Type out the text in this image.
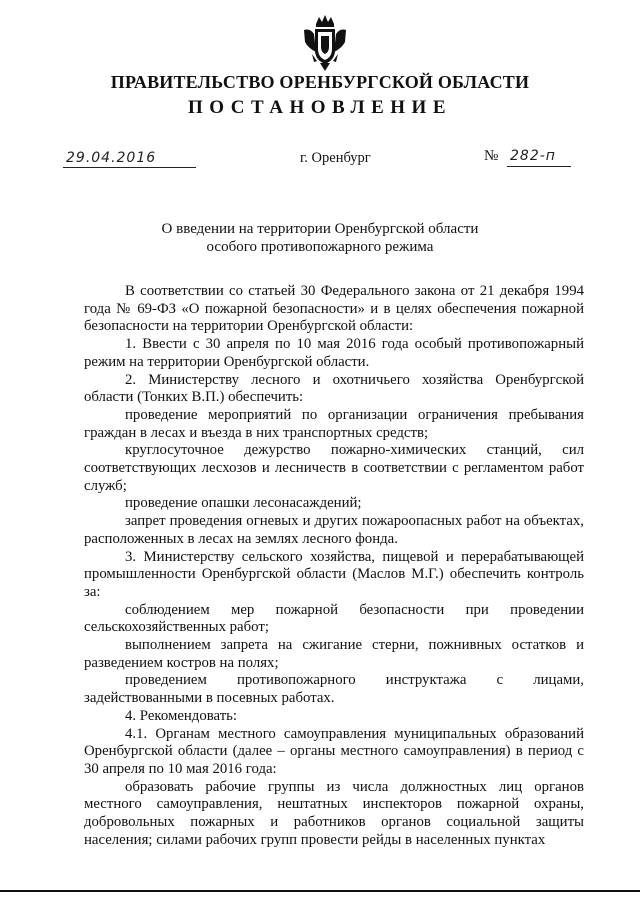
ПРАВИТЕЛЬСТВО ОРЕНБУРГСКОЙ ОБЛАСТИ
ПОСТАНОВЛЕНИЕ
29.04.2016	г. Оренбург	№ 282-п
О введении на территории Оренбургской области
особого противопожарного режима

В соответствии со статьей 30 Федерального закона от 21 декабря 1994 года № 69-ФЗ «О пожарной безопасности» и в целях обеспечения пожарной безопасности на территории Оренбургской области:

1. Ввести с 30 апреля по 10 мая 2016 года особый противопожарный режим на территории Оренбургской области.

2. Министерству лесного и охотничьего хозяйства Оренбургской области (Тонких В.П.) обеспечить:

проведение мероприятий по организации ограничения пребывания граждан в лесах и въезда в них транспортных средств;

круглосуточное дежурство пожарно-химических станций, сил соответствующих лесхозов и лесничеств в соответствии с регламентом работ служб;

проведение опашки лесонасаждений;

запрет проведения огневых и других пожароопасных работ на объектах, расположенных в лесах на землях лесного фонда.

3. Министерству сельского хозяйства, пищевой и перерабатывающей промышленности Оренбургской области (Маслов М.Г.) обеспечить контроль за:

соблюдением мер пожарной безопасности при проведении сельскохозяйственных работ;

выполнением запрета на сжигание стерни, пожнивных остатков и разведением костров на полях;

проведением противопожарного инструктажа с лицами, задействованными в посевных работах.

4. Рекомендовать:

4.1. Органам местного самоуправления муниципальных образований Оренбургской области (далее – органы местного самоуправления) в период с 30 апреля по 10 мая 2016 года:

образовать рабочие группы из числа должностных лиц органов местного самоуправления, нештатных инспекторов пожарной охраны, добровольных пожарных и работников органов социальной защиты населения; силами рабочих групп провести рейды в населенных пунктах
